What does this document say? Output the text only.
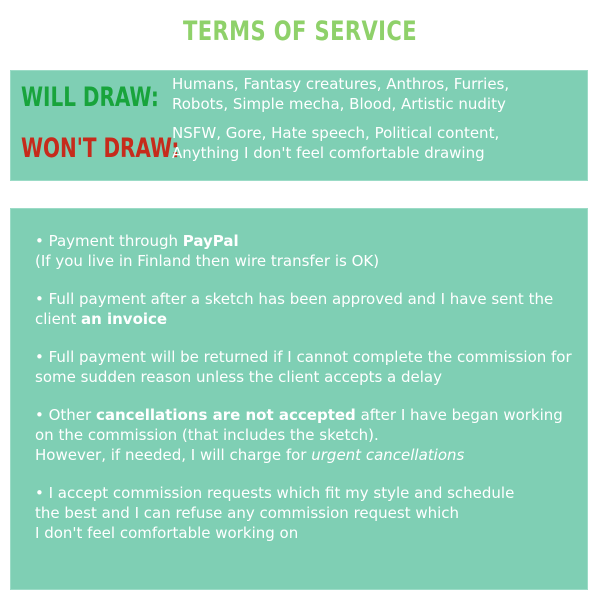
TERMS OF SERVICE
WILL DRAW: Humans, Fantasy creatures, Anthros, Furries,
Robots, Simple mecha, Blood, Artistic nudity
WON'T DRAW:
NSFW, Gore, Hate speech, Political content,
Anything I don't feel comfortable drawing

• Payment through PayPal
(If you live in Finland then wire transfer is OK)

• Full payment after a sketch has been approved and I have sent the client an invoice

• Full payment will be returned if I cannot complete the commission for some sudden reason unless the client accepts a delay

• Other cancellations are not accepted after I have began working on the commission (that includes the sketch).
However, if needed, I will charge for urgent cancellations

• I accept commission requests which fit my style and schedule
the best and I can refuse any commission request which
I don't feel comfortable working on
